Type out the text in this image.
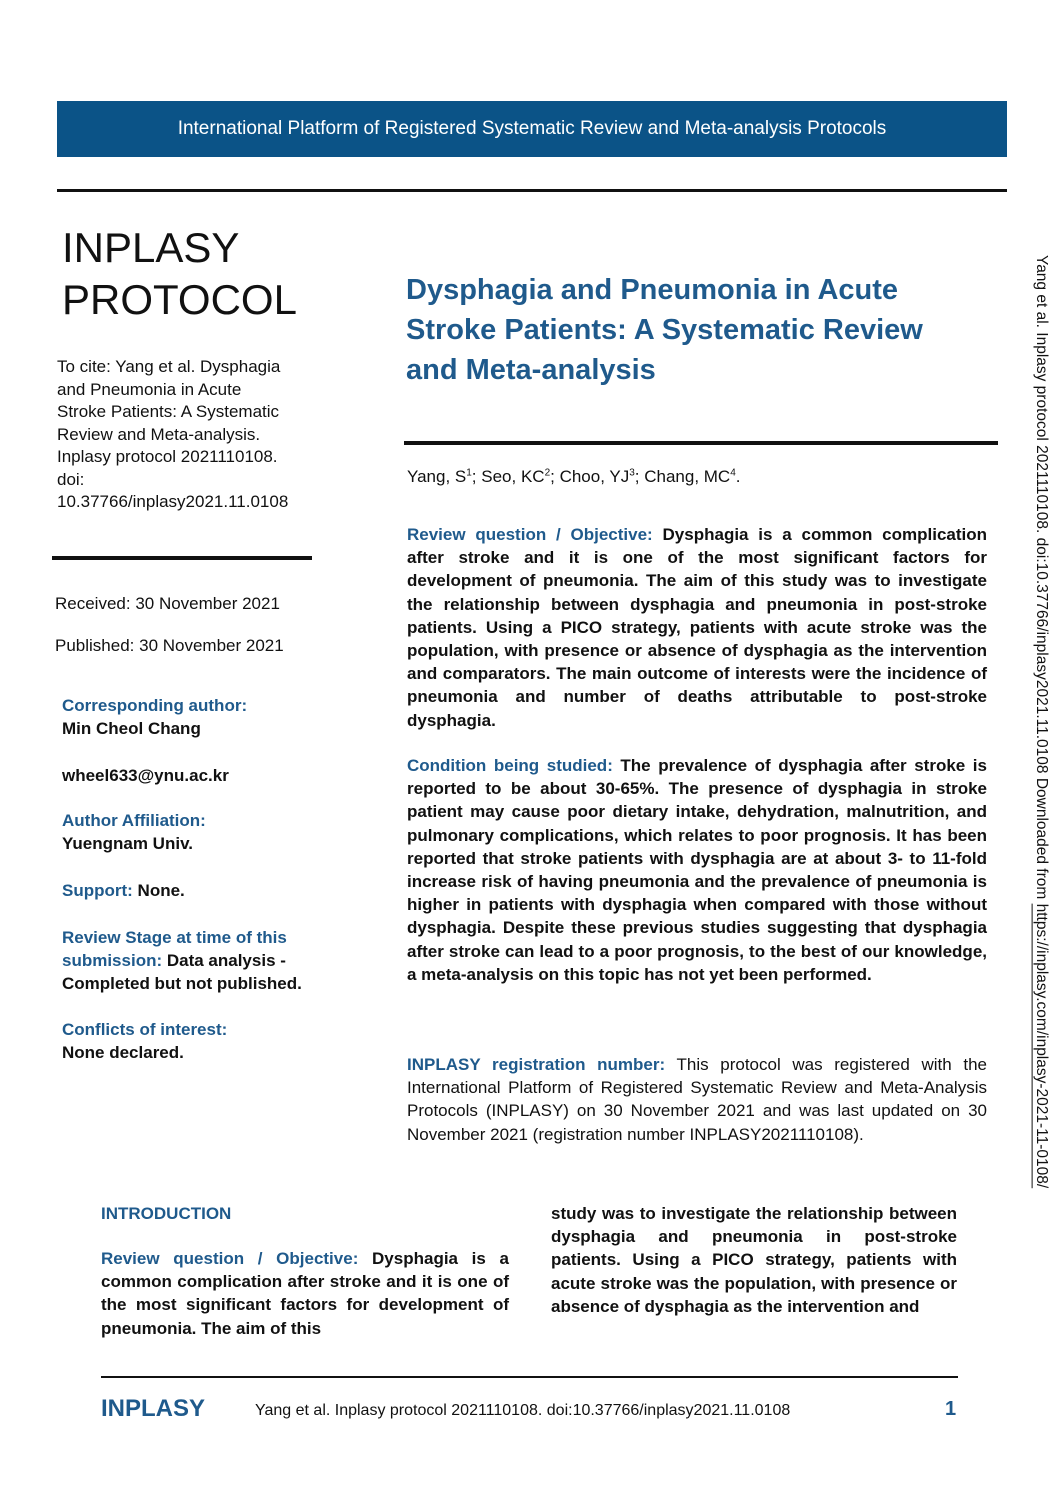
International Platform of Registered Systematic Review and Meta-analysis Protocols
INPLASY
PROTOCOL
To cite: Yang et al. Dysphagia
and Pneumonia in Acute
Stroke Patients: A Systematic
Review and Meta-analysis.
Inplasy protocol 2021110108.
doi:
10.37766/inplasy2021.11.0108
Received: 30 November 2021
Published: 30 November 2021
Corresponding author:
Min Cheol Chang
wheel633@ynu.ac.kr
Author Affiliation:
Yuengnam Univ.
Support: None.
Review Stage at time of this
submission: Data analysis -
Completed but not published.
Conflicts of interest:
None declared.
Dysphagia and Pneumonia in Acute
Stroke Patients: A Systematic Review
and Meta-analysis
Yang, $S^1$; Seo, $KC^2$; Choo, $YJ^3$; Chang, $MC^4$.
Review question / Objective: Dysphagia is a common complication after stroke and it is one of the most significant factors for development of pneumonia. The aim of this study was to investigate the relationship between dysphagia and pneumonia in post-stroke patients. Using a PICO strategy, patients with acute stroke was the population, with presence or absence of dysphagia as the intervention and comparators. The main outcome of interests were the incidence of pneumonia and number of deaths attributable to post-stroke dysphagia.
Condition being studied: The prevalence of dysphagia after stroke is reported to be about 30-65%. The presence of dysphagia in stroke patient may cause poor dietary intake, dehydration, malnutrition, and pulmonary complications, which relates to poor prognosis. It has been reported that stroke patients with dysphagia are at about 3- to 11-fold increase risk of having pneumonia and the prevalence of pneumonia is higher in patients with dysphagia when compared with those without dysphagia. Despite these previous studies suggesting that dysphagia after stroke can lead to a poor prognosis, to the best of our knowledge, a meta-analysis on this topic has not yet been performed.
INPLASY registration number: This protocol was registered with the International Platform of Registered Systematic Review and Meta-Analysis Protocols (INPLASY) on 30 November 2021 and was last updated on 30 November 2021 (registration number INPLASY2021110108).
INTRODUCTION
Review question / Objective: Dysphagia is a common complication after stroke and it is one of the most significant factors for development of pneumonia. The aim of this
study was to investigate the relationship between dysphagia and pneumonia in post-stroke patients. Using a PICO strategy, patients with acute stroke was the population, with presence or absence of dysphagia as the intervention and
INPLASY	Yang et al. Inplasy protocol 2021110108. doi:10.37766/inplasy2021.11.0108	1
Yang et al. Inplasy protocol 2021110108. doi:10.37766/inplasy2021.11.0108 Downloaded from https://inplasy.com/inplasy-2021-11-0108/
